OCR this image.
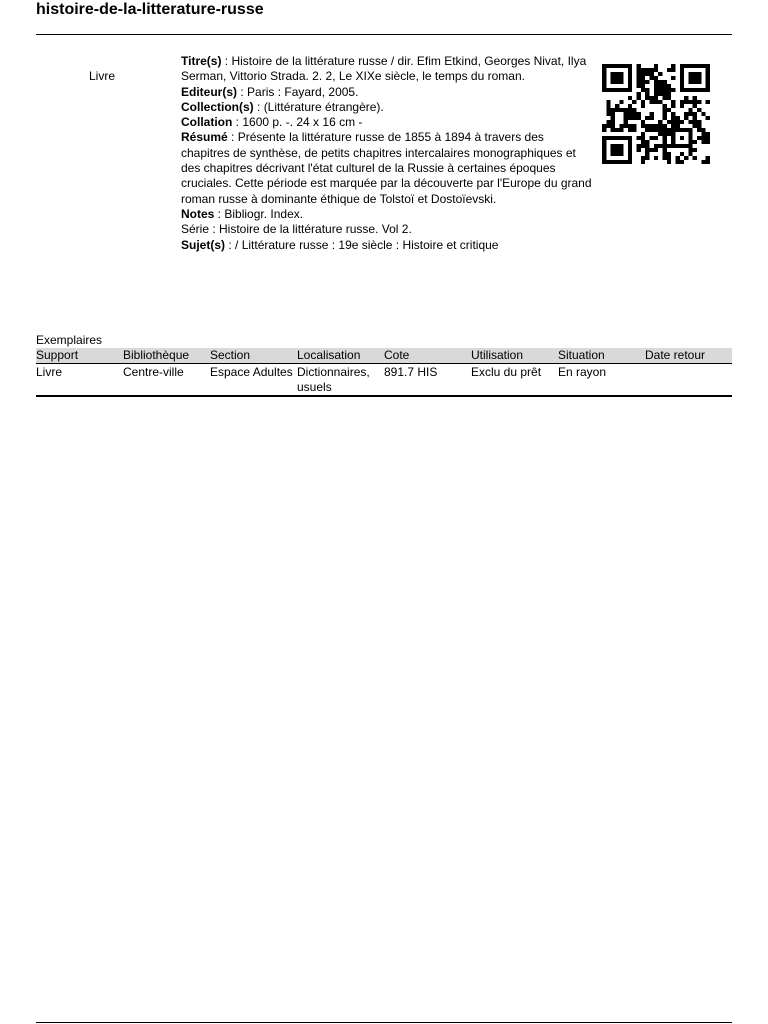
histoire-de-la-litterature-russe
Livre

Titre(s) : Histoire de la littérature russe / dir. Efim Etkind, Georges Nivat, Ilya Serman, Vittorio Strada. 2. 2, Le XIXe siècle, le temps du roman.

Editeur(s) : Paris : Fayard, 2005.

Collection(s) : (Littérature étrangère).

Collation : 1600 p. -. 24 x 16 cm -

Résumé : Présente la littérature russe de 1855 à 1894 à travers des chapitres de synthèse, de petits chapitres intercalaires monographiques et des chapitres décrivant l'état culturel de la Russie à certaines époques cruciales. Cette période est marquée par la découverte par l'Europe du grand roman russe à dominante éthique de Tolstoï et Dostoïevski.

Notes : Bibliogr. Index.

Série : Histoire de la littérature russe. Vol 2.

Sujet(s) : / Littérature russe : 19e siècle : Histoire et critique

Exemplaires
Support	Bibliothèque	Section	Localisation	Cote	Utilisation	Situation	Date retour
Livre	Centre-ville	Espace Adultes	Dictionnaires, usuels	891.7 HIS	Exclu du prêt	En rayon	
